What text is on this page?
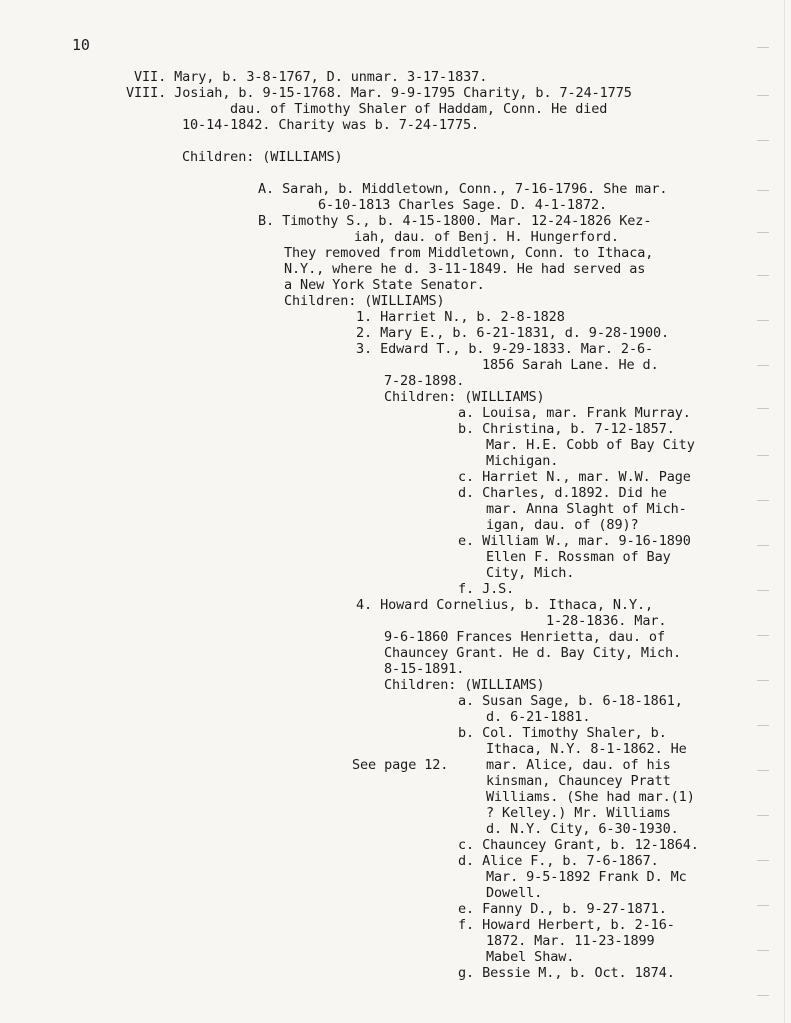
10
VII. Mary, b. 3-8-1767, D. unmar. 3-17-1837.
VIII. Josiah, b. 9-15-1768. Mar. 9-9-1795 Charity, b. 7-24-1775
dau. of Timothy Shaler of Haddam, Conn. He died
10-14-1842. Charity was b. 7-24-1775.
Children: (WILLIAMS)
A. Sarah, b. Middletown, Conn., 7-16-1796. She mar.
6-10-1813 Charles Sage. D. 4-1-1872.
B. Timothy S., b. 4-15-1800. Mar. 12-24-1826 Kez-
iah, dau. of Benj. H. Hungerford.
They removed from Middletown, Conn. to Ithaca,
N.Y., where he d. 3-11-1849. He had served as
a New York State Senator.
Children: (WILLIAMS)
1. Harriet N., b. 2-8-1828
2. Mary E., b. 6-21-1831, d. 9-28-1900.
3. Edward T., b. 9-29-1833. Mar. 2-6-
1856 Sarah Lane. He d.
7-28-1898.
Children: (WILLIAMS)
a. Louisa, mar. Frank Murray.
b. Christina, b. 7-12-1857.
Mar. H.E. Cobb of Bay City
Michigan.
c. Harriet N., mar. W.W. Page
d. Charles, d.1892. Did he
mar. Anna Slaght of Mich-
igan, dau. of (89)?
e. William W., mar. 9-16-1890
Ellen F. Rossman of Bay
City, Mich.
f. J.S.
4. Howard Cornelius, b. Ithaca, N.Y.,
1-28-1836. Mar.
9-6-1860 Frances Henrietta, dau. of
Chauncey Grant. He d. Bay City, Mich.
8-15-1891.
Children: (WILLIAMS)
a. Susan Sage, b. 6-18-1861,
d. 6-21-1881.
b. Col. Timothy Shaler, b.
Ithaca, N.Y. 8-1-1862. He
See page 12.	mar. Alice, dau. of his
kinsman, Chauncey Pratt
Williams. (She had mar.(1)
? Kelley.) Mr. Williams
d. N.Y. City, 6-30-1930.
c. Chauncey Grant, b. 12-1864.
d. Alice F., b. 7-6-1867.
Mar. 9-5-1892 Frank D. Mc
Dowell.
e. Fanny D., b. 9-27-1871.
f. Howard Herbert, b. 2-16-
1872. Mar. 11-23-1899
Mabel Shaw.
g. Bessie M., b. Oct. 1874.
